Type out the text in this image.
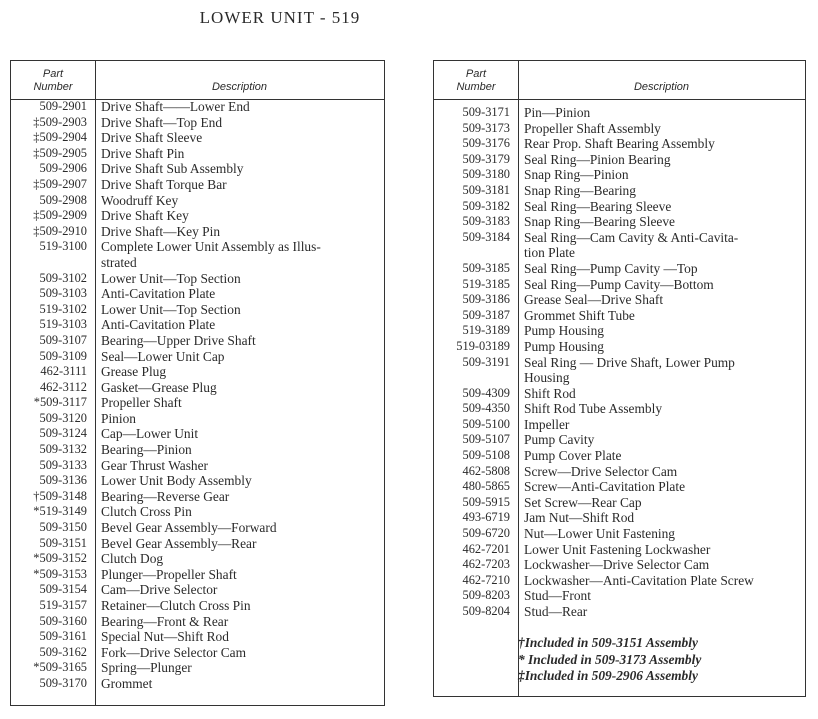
LOWER UNIT - 519
Part
Number	Description
509-2901	Drive Shaft——Lower End
‡509-2903	Drive Shaft—Top End
‡509-2904	Drive Shaft Sleeve
‡509-2905	Drive Shaft Pin
509-2906	Drive Shaft Sub Assembly
‡509-2907	Drive Shaft Torque Bar
509-2908	Woodruff Key
‡509-2909	Drive Shaft Key
‡509-2910	Drive Shaft—Key Pin
519-3100	Complete Lower Unit Assembly as Illus-
strated
509-3102	Lower Unit—Top Section
509-3103	Anti-Cavitation Plate
519-3102	Lower Unit—Top Section
519-3103	Anti-Cavitation Plate
509-3107	Bearing—Upper Drive Shaft
509-3109	Seal—Lower Unit Cap
462-3111	Grease Plug
462-3112	Gasket—Grease Plug
*509-3117	Propeller Shaft
509-3120	Pinion
509-3124	Cap—Lower Unit
509-3132	Bearing—Pinion
509-3133	Gear Thrust Washer
509-3136	Lower Unit Body Assembly
†509-3148	Bearing—Reverse Gear
*519-3149	Clutch Cross Pin
509-3150	Bevel Gear Assembly—Forward
509-3151	Bevel Gear Assembly—Rear
*509-3152	Clutch Dog
*509-3153	Plunger—Propeller Shaft
509-3154	Cam—Drive Selector
519-3157	Retainer—Clutch Cross Pin
509-3160	Bearing—Front & Rear
509-3161	Special Nut—Shift Rod
509-3162	Fork—Drive Selector Cam
*509-3165	Spring—Plunger
509-3170	Grommet
Part
Number	Description
509-3171	Pin—Pinion
509-3173	Propeller Shaft Assembly
509-3176	Rear Prop. Shaft Bearing Assembly
509-3179	Seal Ring—Pinion Bearing
509-3180	Snap Ring—Pinion
509-3181	Snap Ring—Bearing
509-3182	Seal Ring—Bearing Sleeve
509-3183	Snap Ring—Bearing Sleeve
509-3184	Seal Ring—Cam Cavity & Anti-Cavita-
tion Plate
509-3185	Seal Ring—Pump Cavity —Top
519-3185	Seal Ring—Pump Cavity—Bottom
509-3186	Grease Seal—Drive Shaft
509-3187	Grommet Shift Tube
519-3189	Pump Housing
519-03189	Pump Housing
509-3191	Seal Ring — Drive Shaft, Lower Pump
Housing
509-4309	Shift Rod
509-4350	Shift Rod Tube Assembly
509-5100	Impeller
509-5107	Pump Cavity
509-5108	Pump Cover Plate
462-5808	Screw—Drive Selector Cam
480-5865	Screw—Anti-Cavitation Plate
509-5915	Set Screw—Rear Cap
493-6719	Jam Nut—Shift Rod
509-6720	Nut—Lower Unit Fastening
462-7201	Lower Unit Fastening Lockwasher
462-7203	Lockwasher—Drive Selector Cam
462-7210	Lockwasher—Anti-Cavitation Plate Screw
509-8203	Stud—Front
509-8204	Stud—Rear
†Included in 509-3151 Assembly
* Included in 509-3173 Assembly
‡Included in 509-2906 Assembly
